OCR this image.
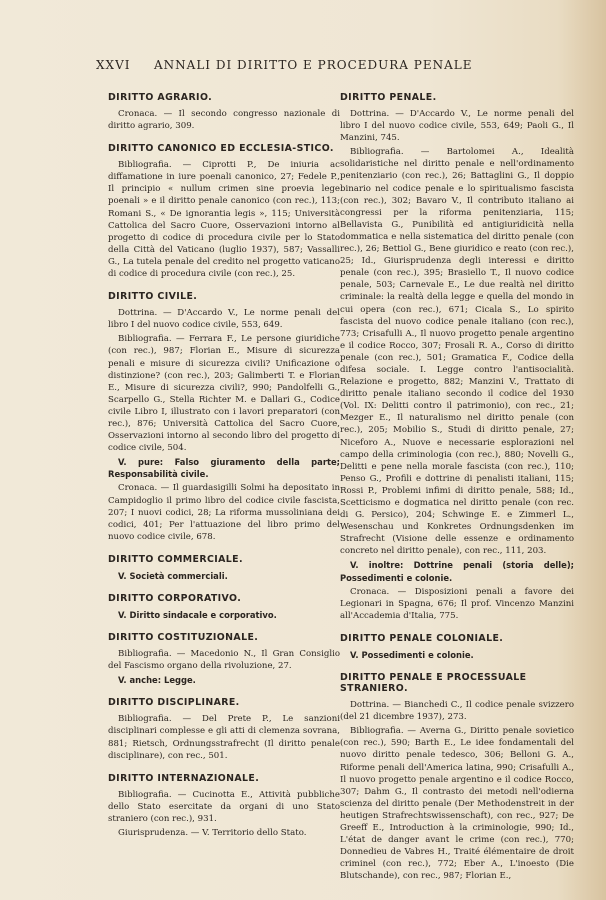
XXVI ANNALI DI DIRITTO E PROCEDURA PENALE
DIRITTO AGRARIO.

Cronaca. — Il secondo congresso nazionale di diritto agrario, 309.

DIRITTO CANONICO ED ECCLESIA-STICO.

Bibliografia. — Ciprotti P., De iniuria ac diffamatione in iure poenali canonico, 27; Fedele P., Il principio « nullum crimen sine proevia lege poenali » e il diritto penale canonico (con rec.), 113; Romani S., « De ignorantia legis », 115; Università Cattolica del Sacro Cuore, Osservazioni intorno al progetto di codice di procedura civile per lo Stato della Città del Vaticano (luglio 1937), 587; Vassalli G., La tutela penale del credito nel progetto vaticano di codice di procedura civile (con rec.), 25.

DIRITTO CIVILE.

Dottrina. — D'Accardo V., Le norme penali del libro I del nuovo codice civile, 553, 649.

Bibliografia. — Ferrara F., Le persone giuridiche (con rec.), 987; Florian E., Misure di sicurezza penali e misure di sicurezza civili? Unificazione o distinzione? (con rec.), 203; Galimberti T. e Florian E., Misure di sicurezza civili?, 990; Pandolfelli G., Scarpello G., Stella Richter M. e Dallari G., Codice civile Libro I, illustrato con i lavori preparatori (con rec.), 876; Università Cattolica del Sacro Cuore, Osservazioni intorno al secondo libro del progetto di codice civile, 504.

V. pure: Falso giuramento della parte; Responsabilità civile.

Cronaca. — Il guardasigilli Solmi ha depositato in Campidoglio il primo libro del codice civile fascista, 207; I nuovi codici, 28; La riforma mussoliniana dei codici, 401; Per l'attuazione del libro primo del nuovo codice civile, 678.

DIRITTO COMMERCIALE.

V. Società commerciali.

DIRITTO CORPORATIVO.

V. Diritto sindacale e corporativo.

DIRITTO COSTITUZIONALE.

Bibliografia. — Macedonio N., Il Gran Consiglio del Fascismo organo della rivoluzione, 27.

V. anche: Legge.

DIRITTO DISCIPLINARE.

Bibliografia. — Del Prete P., Le sanzioni disciplinari complesse e gli atti di clemenza sovrana, 881; Rietsch, Ordnungsstrafrecht (Il diritto penale disciplinare), con rec., 501.

DIRITTO INTERNAZIONALE.

Bibliografia. — Cucinotta E., Attività pubbliche dello Stato esercitate da organi di uno Stato straniero (con rec.), 931.

Giurisprudenza. — V. Territorio dello Stato.

DIRITTO PENALE.

Dottrina. — D'Accardo V., Le norme penali del libro I del nuovo codice civile, 553, 649; Paoli G., Il Manzini, 745.

Bibliografia. — Bartolomei A., Idealità solidaristiche nel diritto penale e nell'ordinamento penitenziario (con rec.), 26; Battaglini G., Il doppio binario nel codice penale e lo spiritualismo fascista (con rec.), 302; Bavaro V., Il contributo italiano ai congressi per la riforma penitenziaria, 115; Bellavista G., Punibilità ed antigiuridicità nella dommatica e nella sistematica del diritto penale (con rec.), 26; Bettiol G., Bene giuridico e reato (con rec.), 25; Id., Giurisprudenza degli interessi e diritto penale (con rec.), 395; Brasiello T., Il nuovo codice penale, 503; Carnevale E., Le due realtà nel diritto criminale: la realtà della legge e quella del mondo in cui opera (con rec.), 671; Cicala S., Lo spirito fascista del nuovo codice penale italiano (con rec.), 773; Crisafulli A., Il nuovo progetto penale argentino e il codice Rocco, 307; Frosali R. A., Corso di diritto penale (con rec.), 501; Gramatica F., Codice della difesa sociale. I. Legge contro l'antisocialità. Relazione e progetto, 882; Manzini V., Trattato di diritto penale italiano secondo il codice del 1930 (Vol. IX: Delitti contro il patrimonio), con rec., 21; Mezger E., Il naturalismo nel diritto penale (con rec.), 205; Mobilio S., Studi di diritto penale, 27; Niceforo A., Nuove e necessarie esplorazioni nel campo della criminologia (con rec.), 880; Novelli G., Delitti e pene nella morale fascista (con rec.), 110; Penso G., Profili e dottrine di penalisti italiani, 115; Rossi P., Problemi infimi di diritto penale, 588; Id., Scetticismo e dogmatica nel diritto penale (con rec. di G. Persico), 204; Schwinge E. e Zimmerl L., Wesenschau und Konkretes Ordnungsdenken im Strafrecht (Visione delle essenze e ordinamento concreto nel diritto penale), con rec., 111, 203.

V. inoltre: Dottrine penali (storia delle); Possedimenti e colonie.

Cronaca. — Disposizioni penali a favore dei Legionari in Spagna, 676; Il prof. Vincenzo Manzini all'Accademia d'Italia, 775.

DIRITTO PENALE COLONIALE.

V. Possedimenti e colonie.

DIRITTO PENALE E PROCESSUALE STRANIERO.

Dottrina. — Bianchedi C., Il codice penale svizzero (del 21 dicembre 1937), 273.

Bibliografia. — Averna G., Diritto penale sovietico (con rec.), 590; Barth E., Le idee fondamentali del nuovo diritto penale tedesco, 306; Belloni G. A., Riforme penali dell'America latina, 990; Crisafulli A., Il nuovo progetto penale argentino e il codice Rocco, 307; Dahm G., Il contrasto dei metodi nell'odierna scienza del diritto penale (Der Methodenstreit in der heutigen Strafrechtswissenschaft), con rec., 927; De Greeff E., Introduction à la criminologie, 990; Id., L'état de danger avant le crime (con rec.), 770; Donnedieu de Vabres H., Traité élémentaire de droit criminel (con rec.), 772; Eber A., L'inoesto (Die Blutschande), con rec., 987; Florian E.,
